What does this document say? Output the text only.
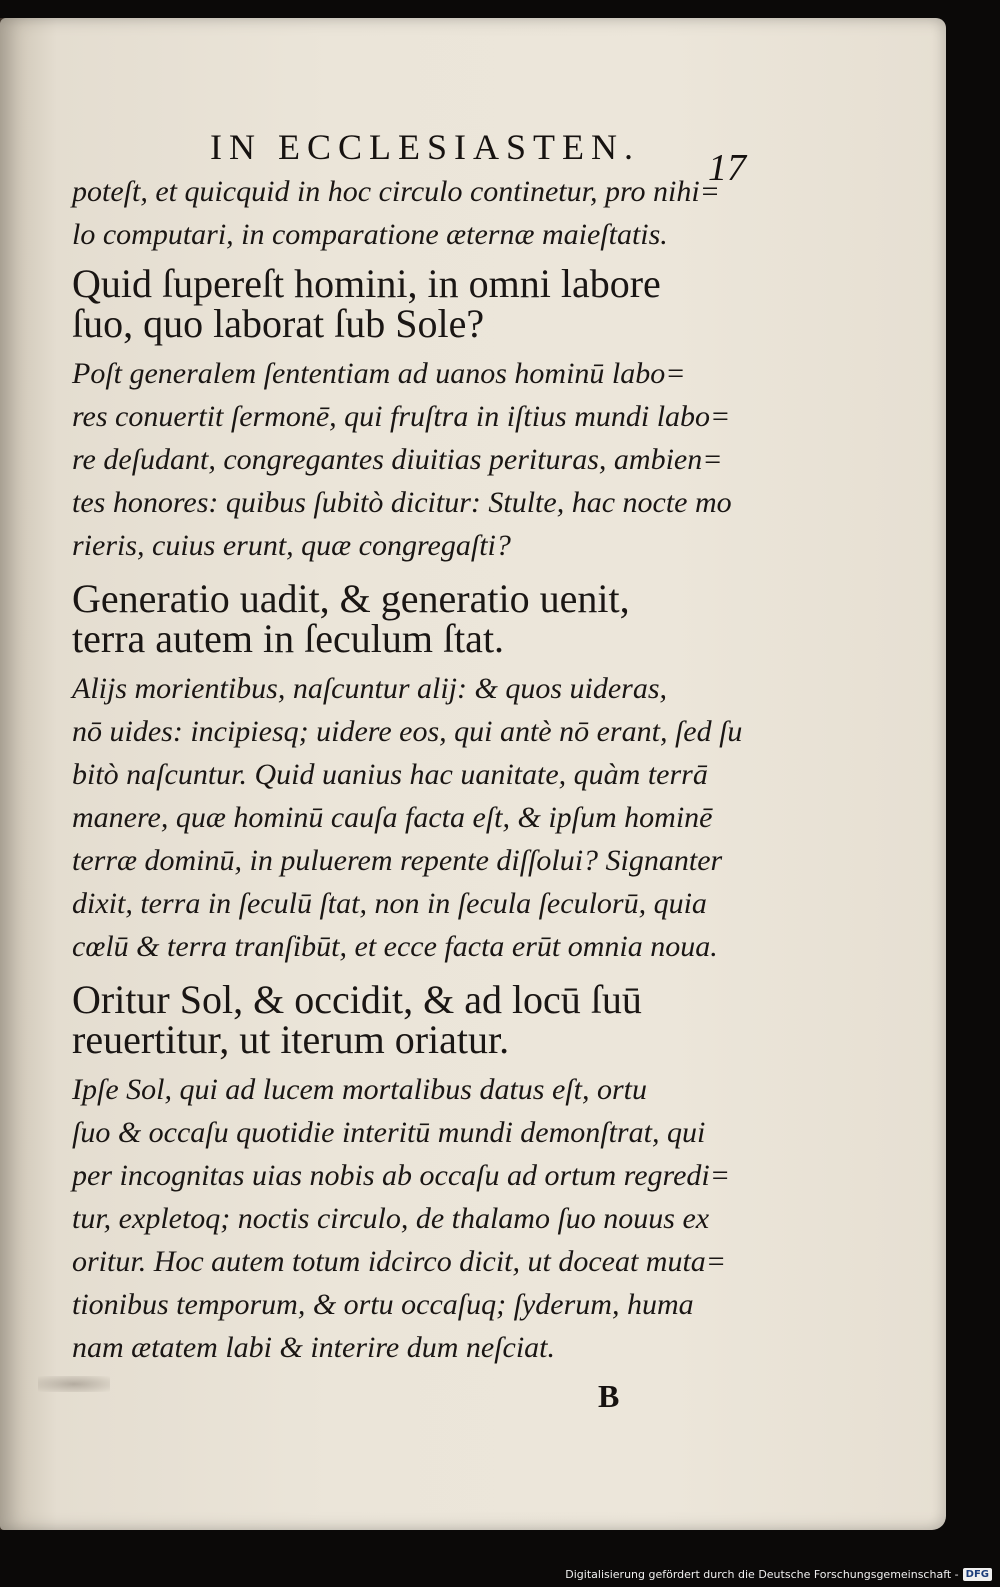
IN ECCLESIASTEN. 17

poteſt, et quicquid in hoc circulo continetur, pro nihi=

lo computari, in comparatione æternæ maieſtatis.

Quid ſupereſt homini, in omni labore

ſuo, quo laborat ſub Sole?

Poſt generalem ſententiam ad uanos hominū labo=

res conuertit ſermonē, qui fruſtra in iſtius mundi labo=

re deſudant, congregantes diuitias perituras, ambien=

tes honores: quibus ſubitò dicitur: Stulte, hac nocte mo

rieris, cuius erunt, quæ congregaſti?

Generatio uadit, & generatio uenit,

terra autem in ſeculum ſtat.

Alijs morientibus, naſcuntur alij: & quos uideras,

nō uides: incipiesq; uidere eos, qui antè nō erant, ſed ſu

bitò naſcuntur. Quid uanius hac uanitate, quàm terrā

manere, quæ hominū cauſa facta eſt, & ipſum hominē

terræ dominū, in puluerem repente diſſolui? Signanter

dixit, terra in ſeculū ſtat, non in ſecula ſeculorū, quia

cœlū & terra tranſibūt, et ecce facta erūt omnia noua.

Oritur Sol, & occidit, & ad locū ſuū

reuertitur, ut iterum oriatur.

Ipſe Sol, qui ad lucem mortalibus datus eſt, ortu

ſuo & occaſu quotidie interitū mundi demonſtrat, qui

per incognitas uias nobis ab occaſu ad ortum regredi=

tur, expletoq; noctis circulo, de thalamo ſuo nouus ex

oritur. Hoc autem totum idcirco dicit, ut doceat muta=

tionibus temporum, & ortu occaſuq; ſyderum, huma

nam ætatem labi & interire dum neſciat.

B
Digitalisierung gefördert durch die Deutsche Forschungsgemeinschaft - DFG
